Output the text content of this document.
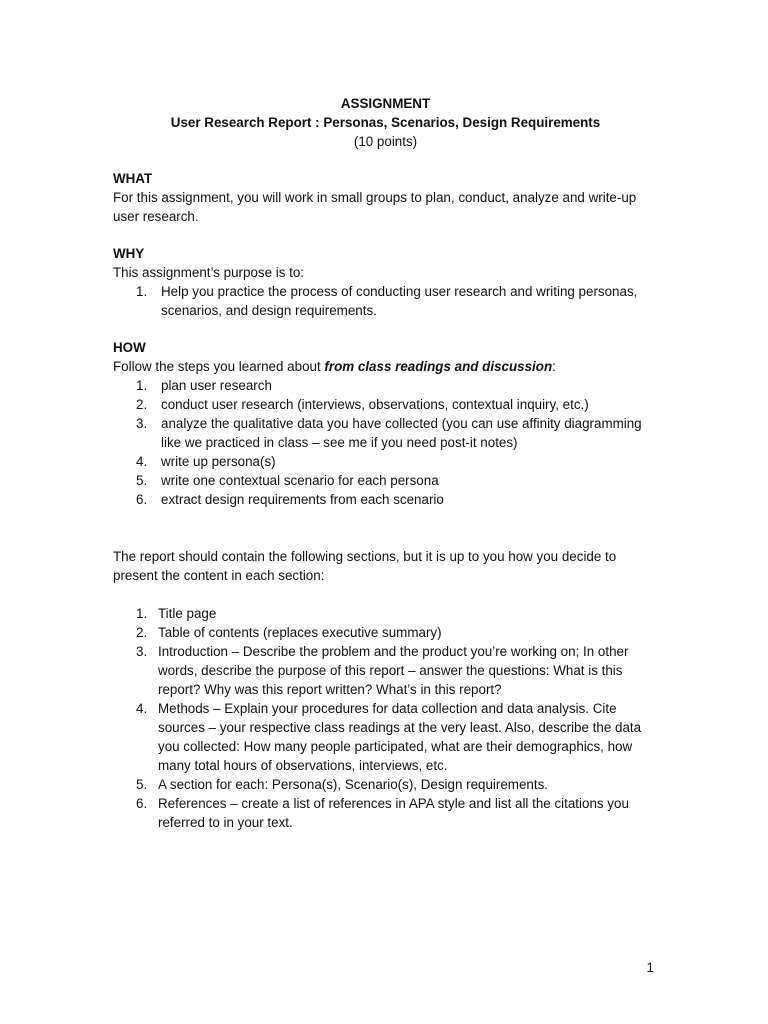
ASSIGNMENT

User Research Report : Personas, Scenarios, Design Requirements

(10 points)

WHAT

For this assignment, you will work in small groups to plan, conduct, analyze and write-up user research.

WHY

This assignment’s purpose is to:

1. Help you practice the process of conducting user research and writing personas, scenarios, and design requirements.

HOW

Follow the steps you learned about from class readings and discussion:

1. plan user research
2. conduct user research (interviews, observations, contextual inquiry, etc.)
3. analyze the qualitative data you have collected (you can use affinity diagramming like we practiced in class – see me if you need post-it notes)
4. write up persona(s)
5. write one contextual scenario for each persona
6. extract design requirements from each scenario

The report should contain the following sections, but it is up to you how you decide to present the content in each section:

1. Title page
2. Table of contents (replaces executive summary)
3. Introduction – Describe the problem and the product you’re working on; In other words, describe the purpose of this report – answer the questions: What is this report? Why was this report written? What’s in this report?
4. Methods – Explain your procedures for data collection and data analysis. Cite sources – your respective class readings at the very least. Also, describe the data you collected: How many people participated, what are their demographics, how many total hours of observations, interviews, etc.
5. A section for each: Persona(s), Scenario(s), Design requirements.
6. References – create a list of references in APA style and list all the citations you referred to in your text.
1
